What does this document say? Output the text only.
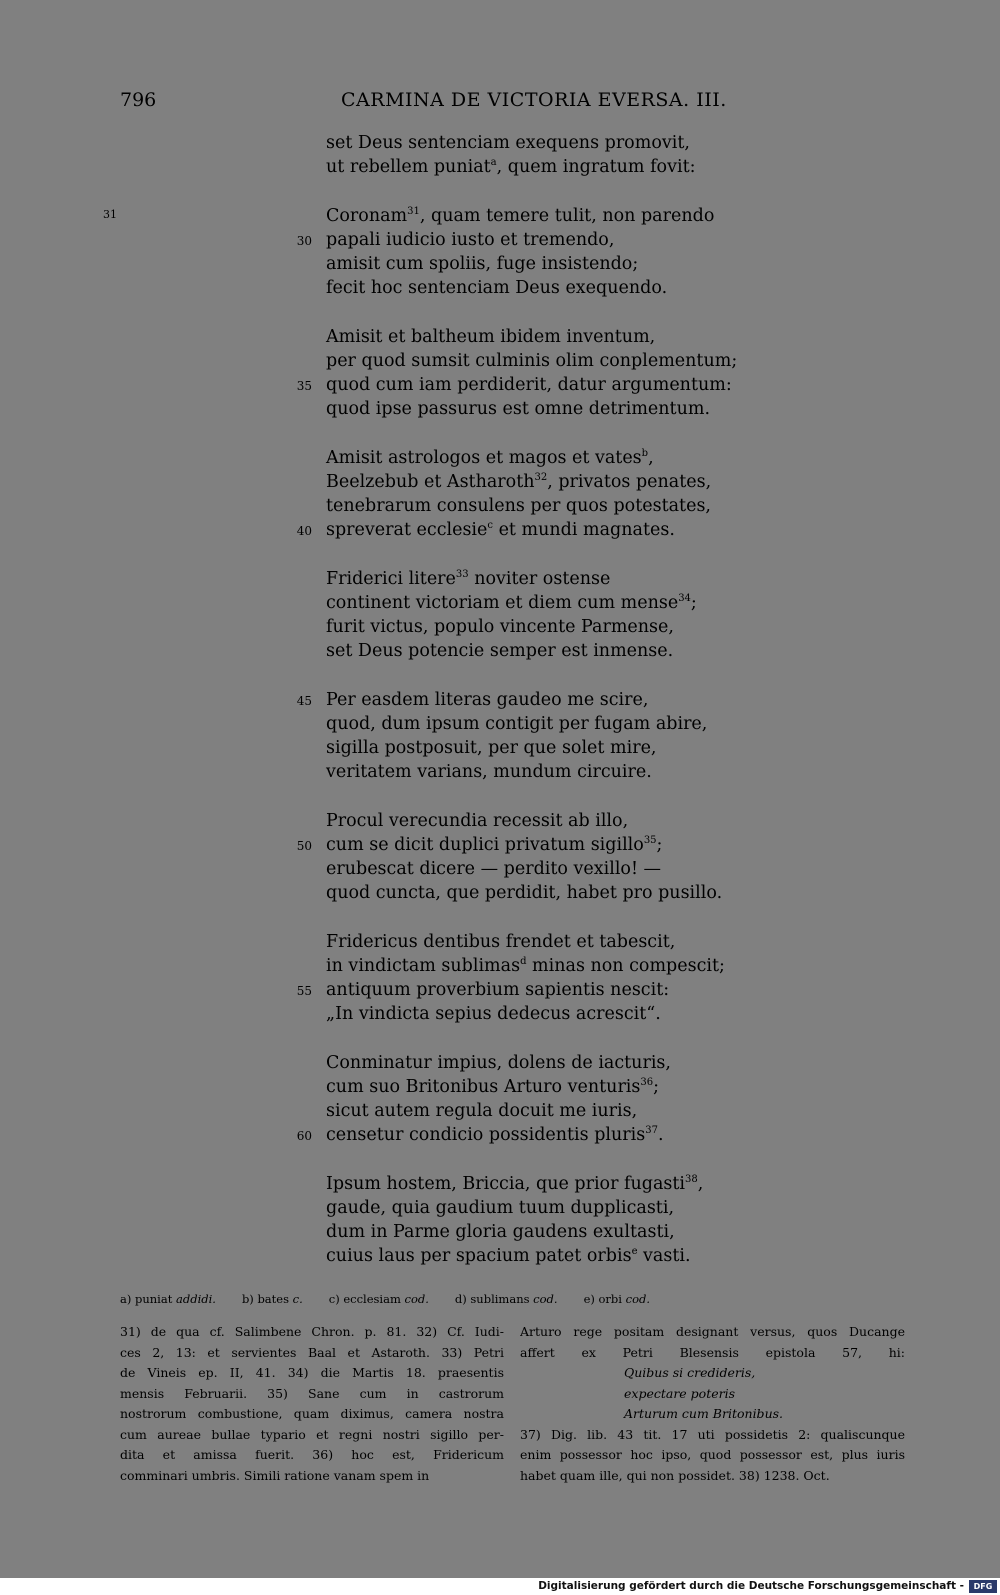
796	CARMINA DE VICTORIA EVERSA. III.
31
set Deus sentenciam exequens promovit,
ut rebellem puniat$^a$, quem ingratum fovit:
Coronam$^{31}$, quam temere tulit, non parendo
30 papali iudicio iusto et tremendo,
amisit cum spoliis, fuge insistendo;
fecit hoc sentenciam Deus exequendo.
Amisit et baltheum ibidem inventum,
per quod sumsit culminis olim conplementum;
35 quod cum iam perdiderit, datur argumentum:
quod ipse passurus est omne detrimentum.
Amisit astrologos et magos et vates$^b$,
Beelzebub et Astharoth$^{32}$, privatos penates,
tenebrarum consulens per quos potestates,
40 spreverat ecclesie$^c$ et mundi magnates.
Friderici litere$^{33}$ noviter ostense
continent victoriam et diem cum mense$^{34}$;
furit victus, populo vincente Parmense,
set Deus potencie semper est inmense.
45 Per easdem literas gaudeo me scire,
quod, dum ipsum contigit per fugam abire,
sigilla postposuit, per que solet mire,
veritatem varians, mundum circuire.
Procul verecundia recessit ab illo,
50 cum se dicit duplici privatum sigillo$^{35}$;
erubescat dicere — perdito vexillo! —
quod cuncta, que perdidit, habet pro pusillo.
Fridericus dentibus frendet et tabescit,
in vindictam sublimas$^d$ minas non compescit;
55 antiquum proverbium sapientis nescit:
„In vindicta sepius dedecus acrescit“.
Conminatur impius, dolens de iacturis,
cum suo Britonibus Arturo venturis$^{36}$;
sicut autem regula docuit me iuris,
60 censetur condicio possidentis pluris$^{37}$.
Ipsum hostem, Briccia, que prior fugasti$^{38}$,
gaude, quia gaudium tuum dupplicasti,
dum in Parme gloria gaudens exultasti,
cuius laus per spacium patet orbis$^e$ vasti.
a) puniat addidi. b) bates c. c) ecclesiam cod. d) sublimans cod. e) orbi cod.
31) de qua cf. Salimbene Chron. p. 81. 32) Cf. Iudi-
ces 2, 13: et servientes Baal et Astaroth. 33) Petri
de Vineis ep. II, 41. 34) die Martis 18. praesentis
mensis Februarii. 35) Sane cum in castrorum
nostrorum combustione, quam diximus, camera nostra
cum aureae bullae typario et regni nostri sigillo per-
dita et amissa fuerit. 36) hoc est, Fridericum
comminari umbris. Simili ratione vanam spem in
Arturo rege positam designant versus, quos Ducange
affert ex Petri Blesensis epistola 57, hi:
Quibus si credideris,
expectare poteris
Arturum cum Britonibus.
37) Dig. lib. 43 tit. 17 uti possidetis 2: qualiscunque
enim possessor hoc ipso, quod possessor est, plus iuris
habet quam ille, qui non possidet. 38) 1238. Oct.
Digitalisierung gefördert durch die Deutsche Forschungsgemeinschaft -	DFG
